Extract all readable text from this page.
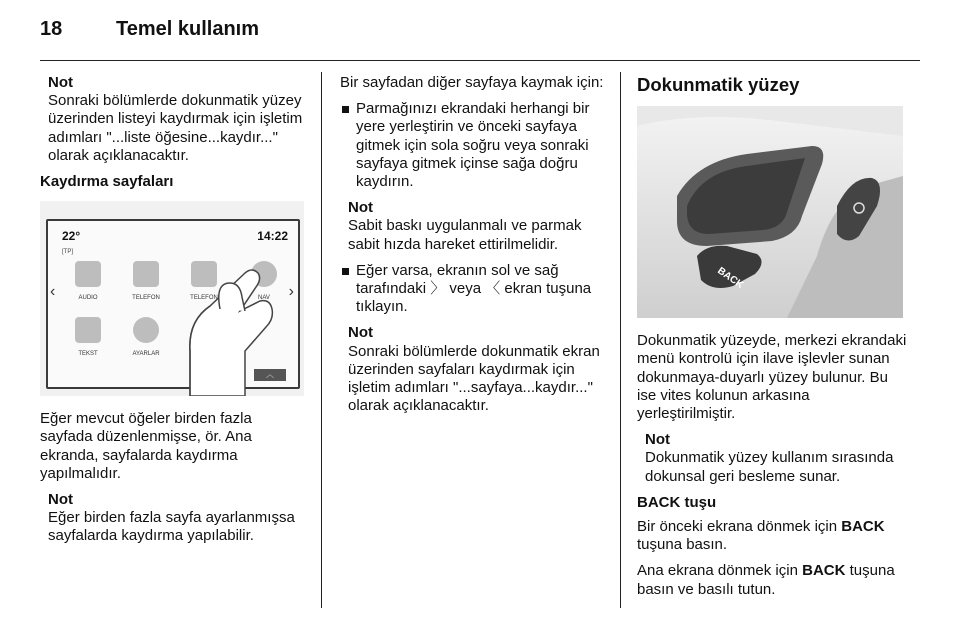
18	Temel kullanım
Not
Sonraki bölümlerde dokunmatik yüzey üzerinden listeyi kaydırmak için işletim adımları "...liste öğesine...kaydır..." olarak açıklanacaktır.
Kaydırma sayfaları
22°
[TP]
14:22
AUDIO	TELEFON	TELEFON	NAV
TEKST	AYARLAR
‹	›
︿
Eğer mevcut öğeler birden fazla sayfada düzenlenmişse, ör. Ana ekranda, sayfalarda kaydırma yapılmalıdır.
Not
Eğer birden fazla sayfa ayarlanmışsa sayfalarda kaydırma yapılabilir.
Bir sayfadan diğer sayfaya kaymak için:
Parmağınızı ekrandaki herhangi bir yere yerleştirin ve önceki sayfaya gitmek için sola soğru veya sonraki sayfaya gitmek içinse sağa doğru kaydırın.
Not
Sabit baskı uygulanmalı ve parmak sabit hızda hareket ettirilmelidir.
Eğer varsa, ekranın sol ve sağ tarafındaki 〉 veya 〈 ekran tuşuna tıklayın.
Not
Sonraki bölümlerde dokunmatik ekran üzerinden sayfaları kaydırmak için işletim adımları "...sayfaya...kaydır..." olarak açıklanacaktır.
Dokunmatik yüzey
BACK
Dokunmatik yüzeyde, merkezi ekrandaki menü kontrolü için ilave işlevler sunan dokunmaya-duyarlı yüzey bulunur. Bu ise vites kolunun arkasına yerleştirilmiştir.
Not
Dokunmatik yüzey kullanım sırasında dokunsal geri besleme sunar.
BACK tuşu
Bir önceki ekrana dönmek için BACK tuşuna basın.
Ana ekrana dönmek için BACK tuşuna basın ve basılı tutun.
